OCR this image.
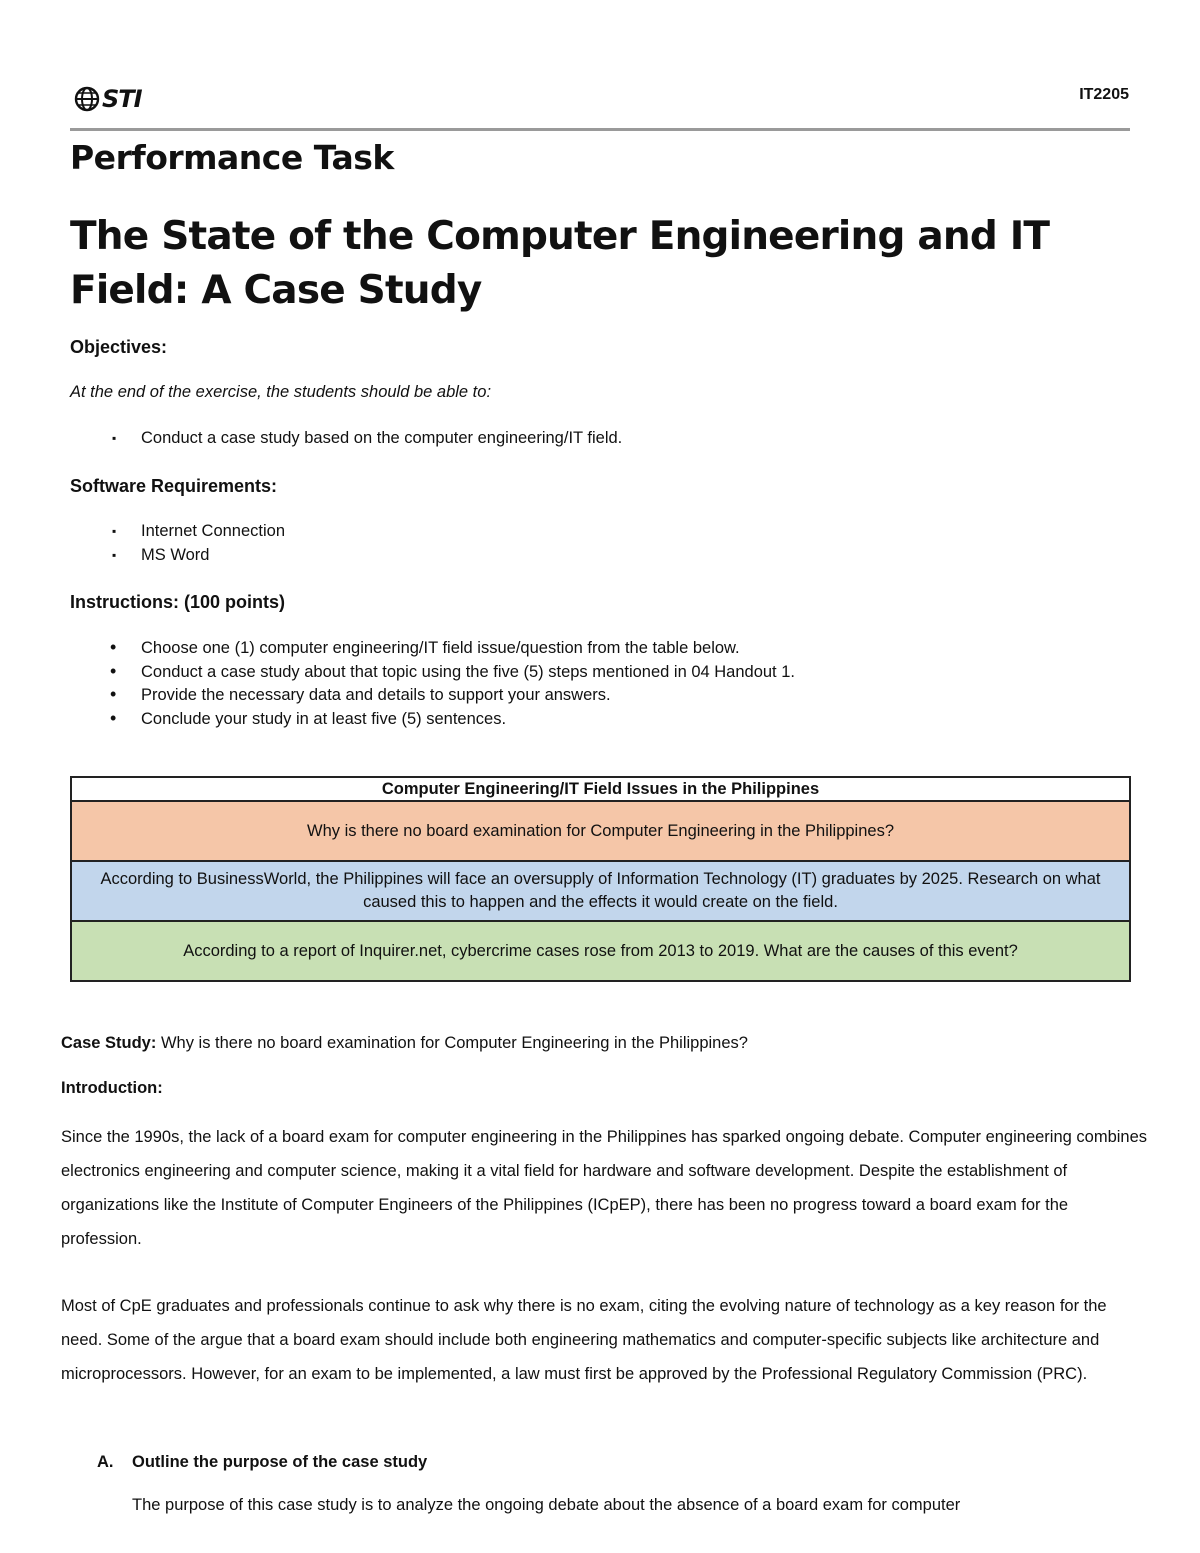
STI	IT2205
Performance Task
The State of the Computer Engineering and IT Field: A Case Study
Objectives:
At the end of the exercise, the students should be able to:
▪ Conduct a case study based on the computer engineering/IT field.
Software Requirements:
▪ Internet Connection
▪ MS Word
Instructions: (100 points)
• Choose one (1) computer engineering/IT field issue/question from the table below.
• Conduct a case study about that topic using the five (5) steps mentioned in 04 Handout 1.
• Provide the necessary data and details to support your answers.
• Conclude your study in at least five (5) sentences.
Computer Engineering/IT Field Issues in the Philippines
Why is there no board examination for Computer Engineering in the Philippines?
According to BusinessWorld, the Philippines will face an oversupply of Information Technology (IT) graduates by 2025. Research on what caused this to happen and the effects it would create on the field.
According to a report of Inquirer.net, cybercrime cases rose from 2013 to 2019. What are the causes of this event?
Case Study: Why is there no board examination for Computer Engineering in the Philippines?
Introduction:

Since the 1990s, the lack of a board exam for computer engineering in the Philippines has sparked ongoing debate. Computer engineering combines electronics engineering and computer science, making it a vital field for hardware and software development. Despite the establishment of organizations like the Institute of Computer Engineers of the Philippines (ICpEP), there has been no progress toward a board exam for the profession.

Most of CpE graduates and professionals continue to ask why there is no exam, citing the evolving nature of technology as a key reason for the need. Some of the argue that a board exam should include both engineering mathematics and computer-specific subjects like architecture and microprocessors. However, for an exam to be implemented, a law must first be approved by the Professional Regulatory Commission (PRC).

A. Outline the purpose of the case study
The purpose of this case study is to analyze the ongoing debate about the absence of a board exam for computer
